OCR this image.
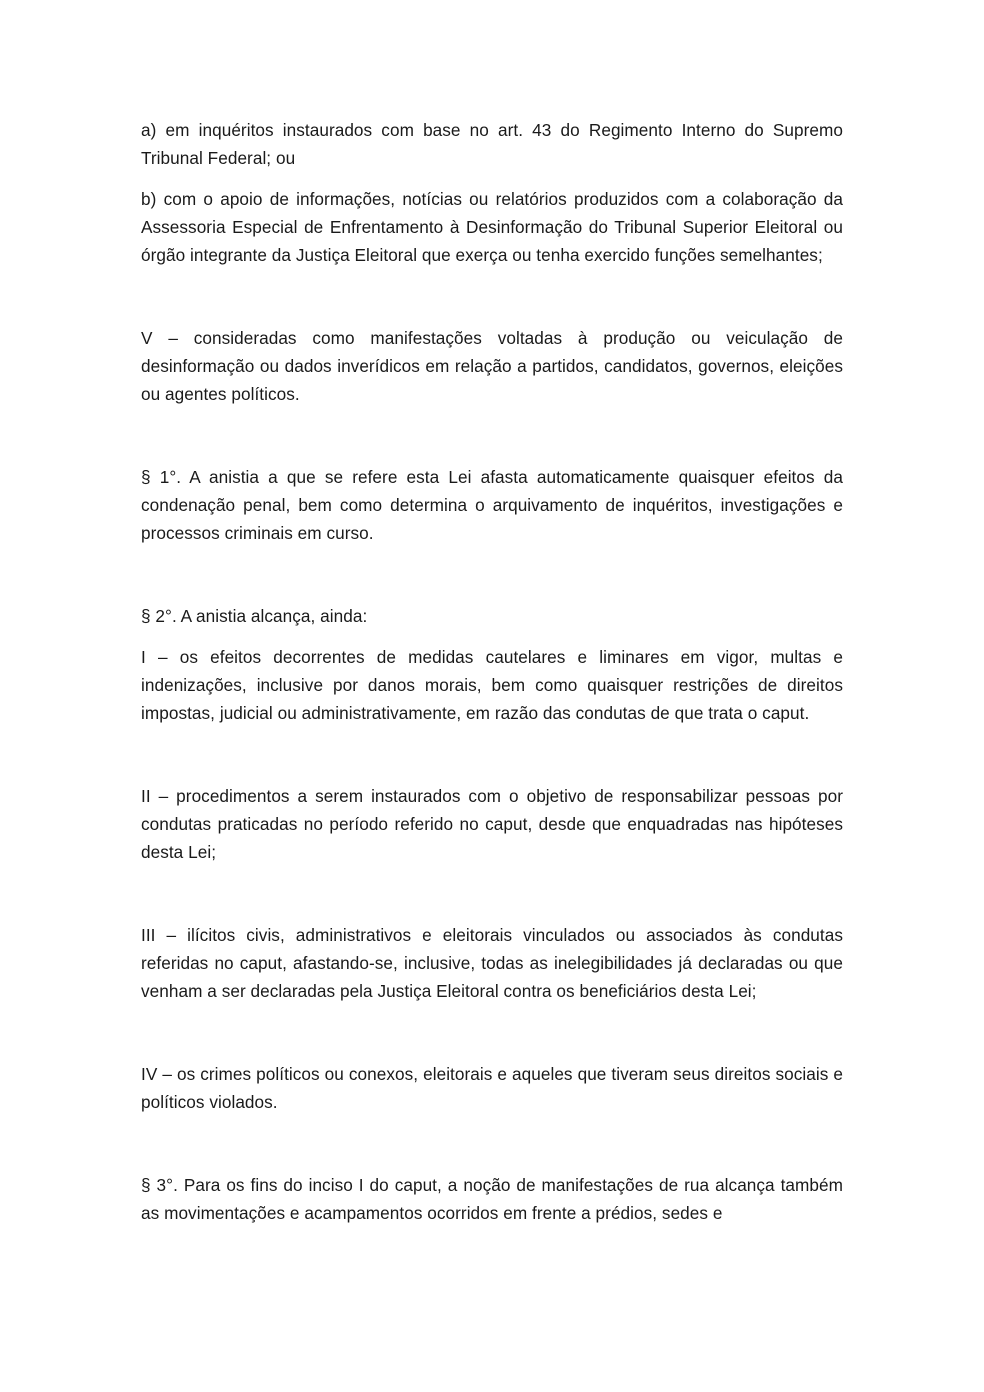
a) em inquéritos instaurados com base no art. 43 do Regimento Interno do Supremo Tribunal Federal; ou

b) com o apoio de informações, notícias ou relatórios produzidos com a colaboração da Assessoria Especial de Enfrentamento à Desinformação do Tribunal Superior Eleitoral ou órgão integrante da Justiça Eleitoral que exerça ou tenha exercido funções semelhantes;

V – consideradas como manifestações voltadas à produção ou veiculação de desinformação ou dados inverídicos em relação a partidos, candidatos, governos, eleições ou agentes políticos.

§ 1°. A anistia a que se refere esta Lei afasta automaticamente quaisquer efeitos da condenação penal, bem como determina o arquivamento de inquéritos, investigações e processos criminais em curso.

§ 2°. A anistia alcança, ainda:

I – os efeitos decorrentes de medidas cautelares e liminares em vigor, multas e indenizações, inclusive por danos morais, bem como quaisquer restrições de direitos impostas, judicial ou administrativamente, em razão das condutas de que trata o caput.

II – procedimentos a serem instaurados com o objetivo de responsabilizar pessoas por condutas praticadas no período referido no caput, desde que enquadradas nas hipóteses desta Lei;

III – ilícitos civis, administrativos e eleitorais vinculados ou associados às condutas referidas no caput, afastando-se, inclusive, todas as inelegibilidades já declaradas ou que venham a ser declaradas pela Justiça Eleitoral contra os beneficiários desta Lei;

IV – os crimes políticos ou conexos, eleitorais e aqueles que tiveram seus direitos sociais e políticos violados.

§ 3°. Para os fins do inciso I do caput, a noção de manifestações de rua alcança também as movimentações e acampamentos ocorridos em frente a prédios, sedes e
